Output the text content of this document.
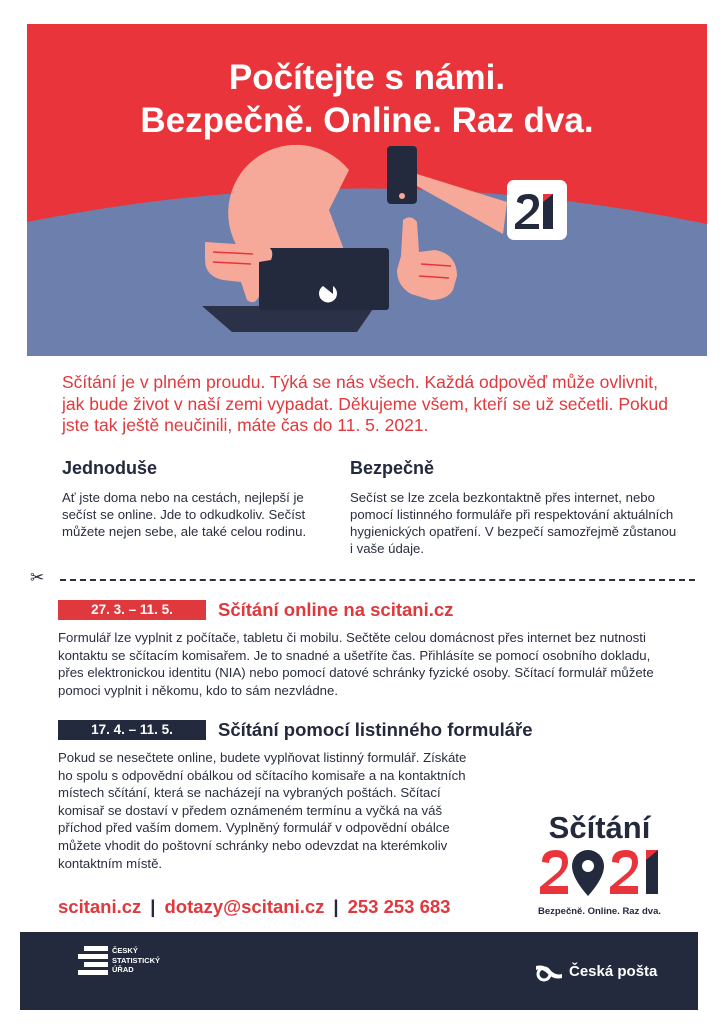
Počítejte s námi.
Bezpečně. Online. Raz dva.

Sčítání je v plném proudu. Týká se nás všech. Každá odpověď může ovlivnit, jak bude život v naší zemi vypadat. Děkujeme všem, kteří se už sečetli. Pokud jste tak ještě neučinili, máte čas do 11. 5. 2021.

Jednoduše

Ať jste doma nebo na cestách, nejlepší je sečíst se online. Jde to odkudkoliv. Sečíst můžete nejen sebe, ale také celou rodinu.

Bezpečně

Sečíst se lze zcela bezkontaktně přes internet, nebo pomocí listinného formuláře při respektování aktuálních hygienických opatření. V bezpečí samozřejmě zůstanou i vaše údaje.

✂
27. 3. – 11. 5.	Sčítání online na scitani.cz

Formulář lze vyplnit z počítače, tabletu či mobilu. Sečtěte celou domácnost přes internet bez nutnosti kontaktu se sčítacím komisařem. Je to snadné a ušetříte čas. Přihlásíte se pomocí osobního dokladu, přes elektronickou identitu (NIA) nebo pomocí datové schránky fyzické osoby. Sčítací formulář můžete pomoci vyplnit i někomu, kdo to sám nezvládne.

17. 4. – 11. 5.	Sčítání pomocí listinného formuláře

Pokud se nesečtete online, budete vyplňovat listinný formulář. Získáte ho spolu s odpovědní obálkou od sčítacího komisaře a na kontaktních místech sčítání, která se nacházejí na vybraných poštách. Sčítací komisař se dostaví v předem oznámeném termínu a vyčká na váš příchod před vaším domem. Vyplněný formulář v odpovědní obálce můžete vhodit do poštovní schránky nebo odevzdat na kterémkoliv kontaktním místě.

Sčítání
Bezpečně. Online. Raz dva.
scitani.cz | dotazy@scitani.cz | 253 253 683
ČESKÝ
STATISTICKÝ
ÚŘAD	Česká pošta
